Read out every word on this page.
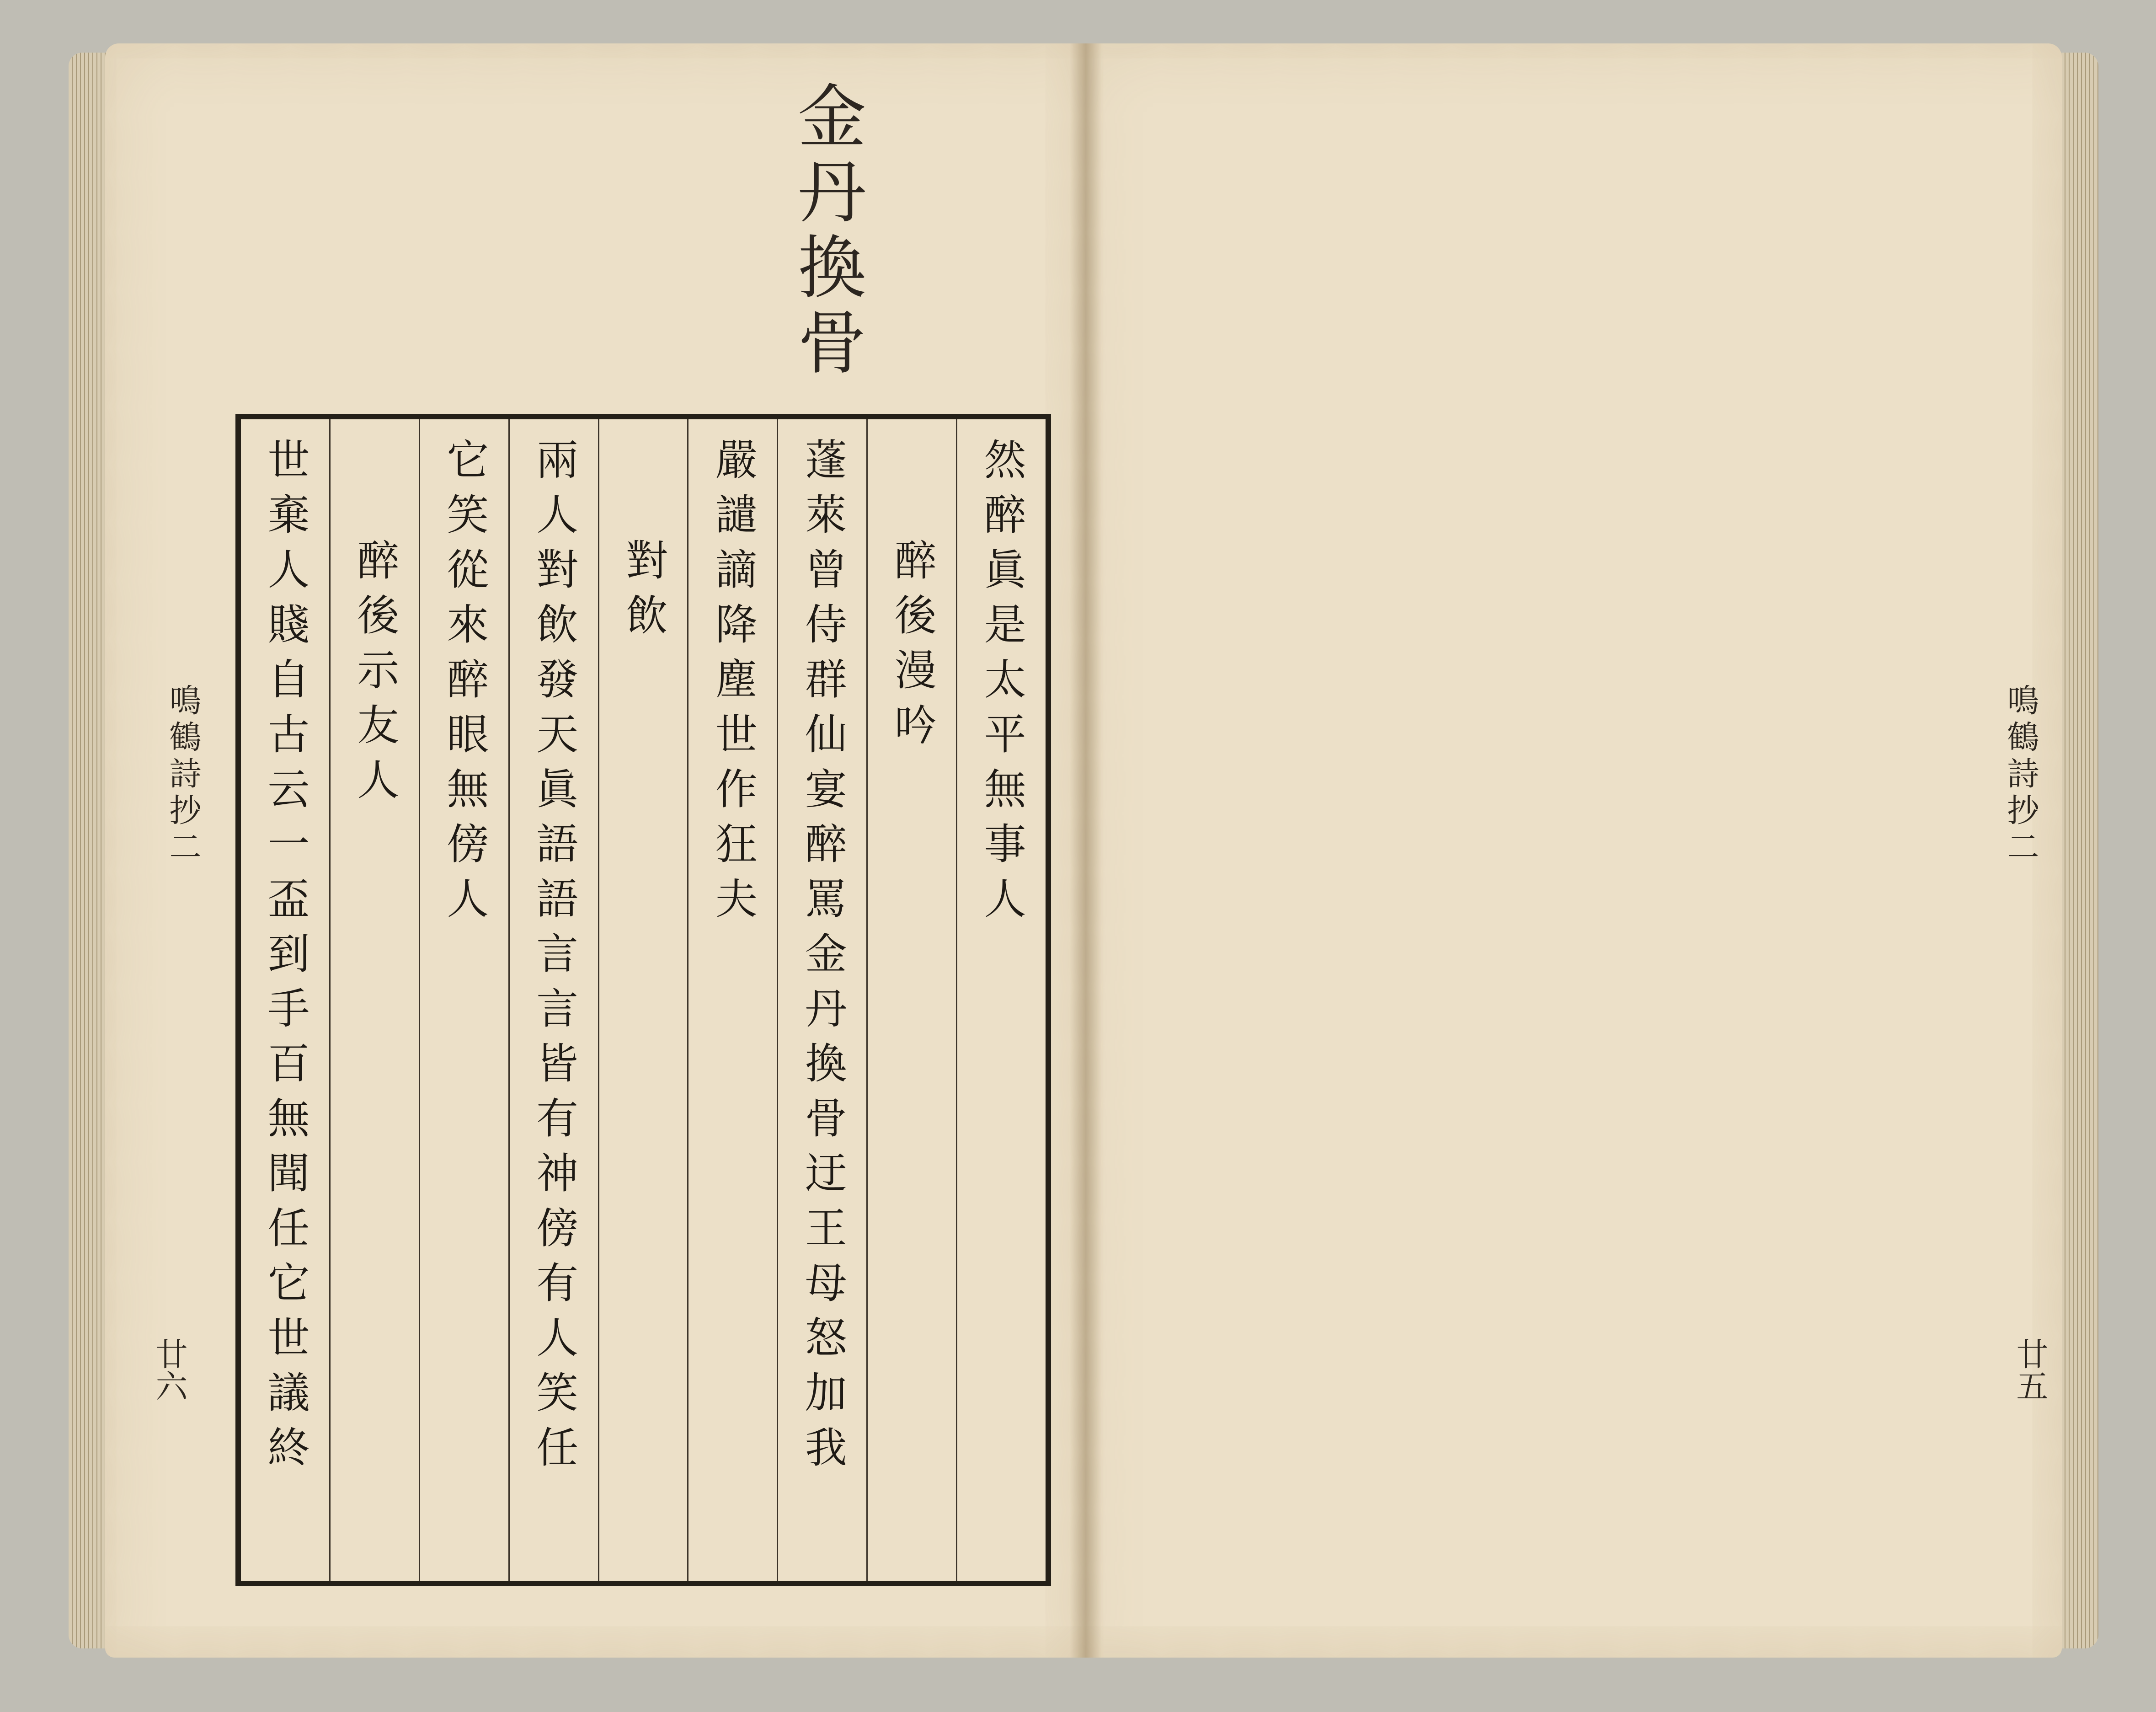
金丹換骨
然醉眞是太平無事人
醉後漫吟
蓬萊曾侍群仙宴醉罵金丹換骨迂王母怒加我
嚴譴謫降塵世作狂夫
對飲
兩人對飲發天眞語語言言皆有神傍有人笑任
它笑從來醉眼無傍人
醉後示友人
世棄人賤自古云一盃到手百無聞任它世議終
鳴鶴詩抄二
廿六
鳴鶴詩抄二
廿五
